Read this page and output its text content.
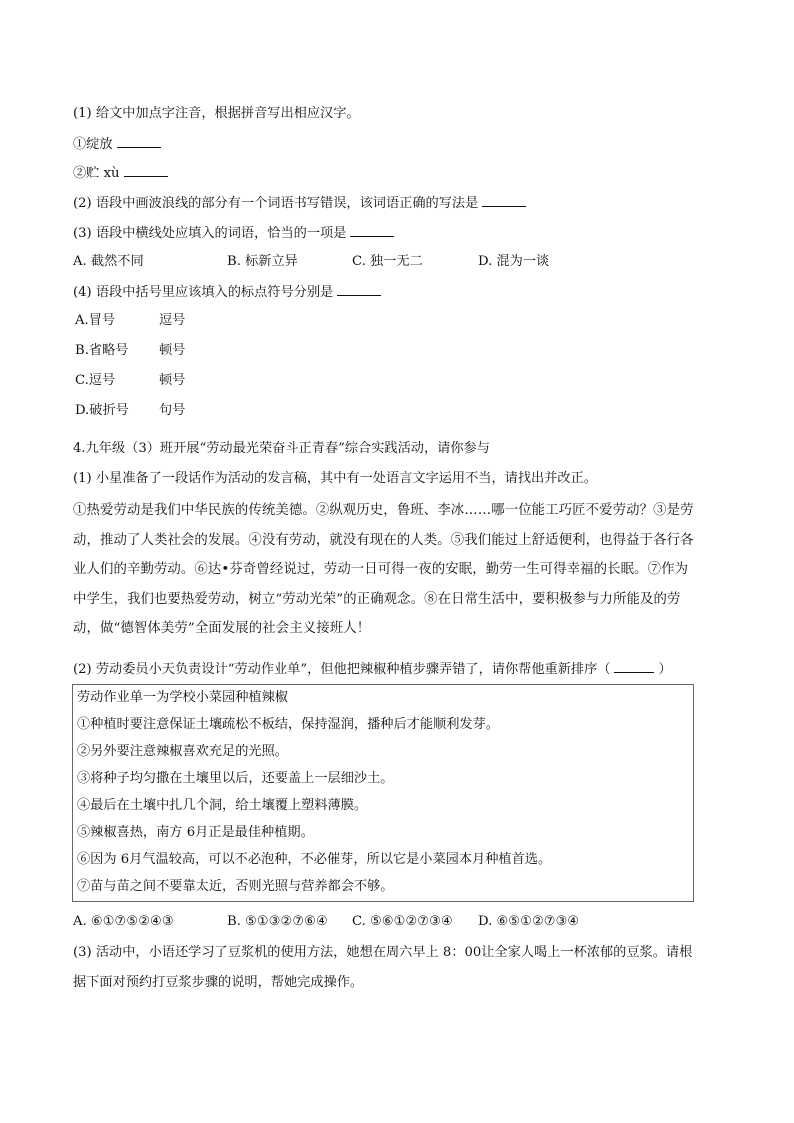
(1) 给文中加点字注音，根据拼音写出相应汉字。
①绽放
②贮 xù
(2) 语段中画波浪线的部分有一个词语书写错误，该词语正确的写法是
(3) 语段中横线处应填入的词语，恰当的一项是
A. 截然不同	B. 标新立异	C. 独一无二	D. 混为一谈
(4) 语段中括号里应该填入的标点符号分别是
A.冒号	逗号
B.省略号 顿号
C.逗号	顿号
D.破折号 句号
4.九年级（3）班开展“劳动最光荣奋斗正青春”综合实践活动，请你参与
(1) 小星准备了一段话作为活动的发言稿，其中有一处语言文字运用不当，请找出并改正。
①热爱劳动是我们中华民族的传统美德。②纵观历史，鲁班、李冰……哪一位能工巧匠不爱劳动？③是劳
动，推动了人类社会的发展。④没有劳动，就没有现在的人类。⑤我们能过上舒适便利，也得益于各行各
业人们的辛勤劳动。⑥达•芬奇曾经说过，劳动一日可得一夜的安眠，勤劳一生可得幸福的长眠。⑦作为
中学生，我们也要热爱劳动，树立“劳动光荣”的正确观念。⑧在日常生活中，要积极参与力所能及的劳
动，做“德智体美劳”全面发展的社会主义接班人！
(2) 劳动委员小天负责设计“劳动作业单”，但他把辣椒种植步骤弄错了，请你帮他重新排序（	）
劳动作业单一为学校小菜园种植辣椒
①种植时要注意保证土壤疏松不板结，保持湿润，播种后才能顺利发芽。
②另外要注意辣椒喜欢充足的光照。
③将种子均匀撒在土壤里以后，还要盖上一层细沙土。
④最后在土壤中扎几个洞，给土壤覆上塑料薄膜。
⑤辣椒喜热，南方 6月正是最佳种植期。
⑥因为 6月气温较高，可以不必泡种，不必催芽，所以它是小菜园本月种植首选。
⑦苗与苗之间不要靠太近，否则光照与营养都会不够。
A. ⑥①⑦⑤②④③	B. ⑤①③②⑦⑥④ C. ⑤⑥①②⑦③④ D. ⑥⑤①②⑦③④
(3) 活动中，小语还学习了豆浆机的使用方法，她想在周六早上 8：00让全家人喝上一杯浓郁的豆浆。请根
据下面对预约打豆浆步骤的说明，帮她完成操作。
